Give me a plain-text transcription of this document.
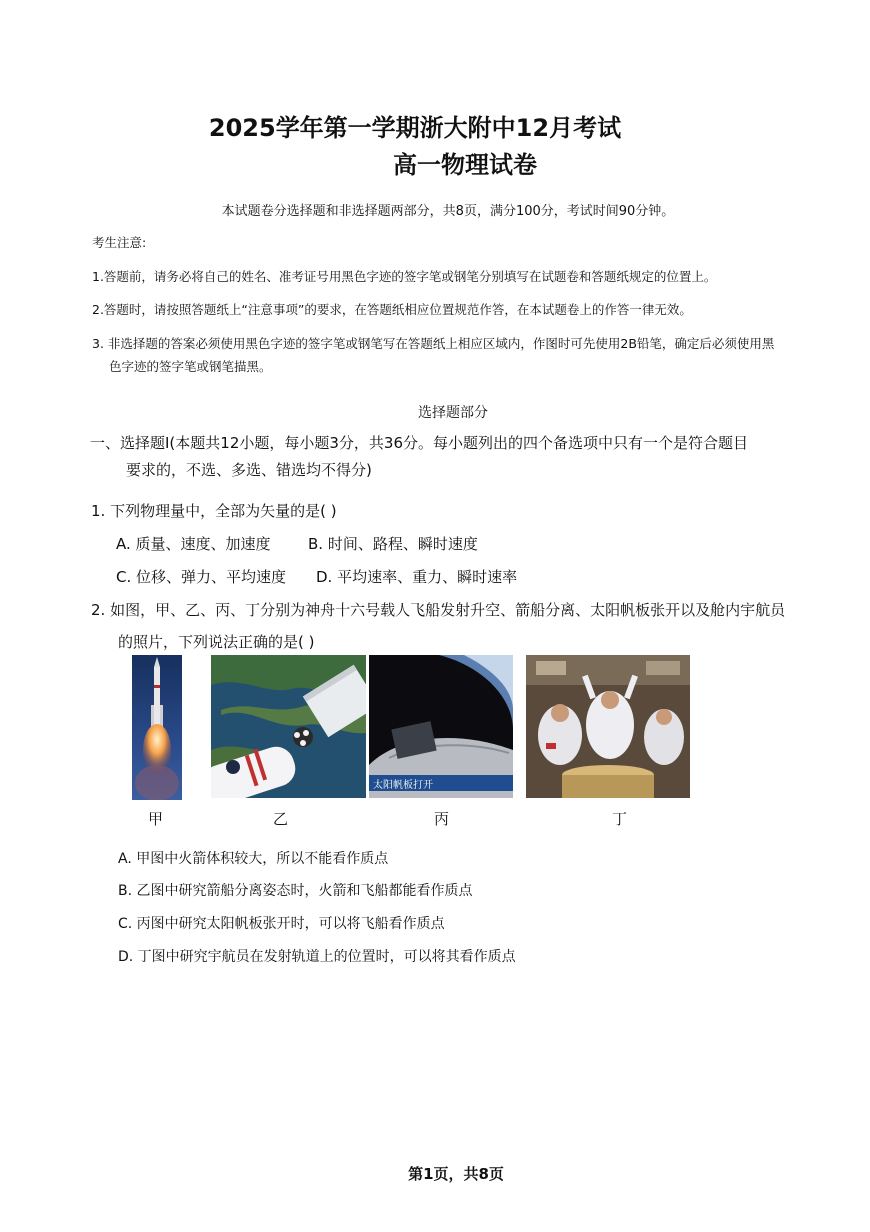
2025学年第一学期浙大附中12月考试
高一物理试卷
本试题卷分选择题和非选择题两部分，共8页，满分100分，考试时间90分钟。
考生注意:
1.答题前，请务必将自己的姓名、准考证号用黑色字迹的签字笔或钢笔分别填写在试题卷和答题纸规定的位置上。
2.答题时，请按照答题纸上“注意事项”的要求，在答题纸相应位置规范作答，在本试题卷上的作答一律无效。
3. 非选择题的答案必须使用黑色字迹的签字笔或钢笔写在答题纸上相应区域内，作图时可先使用2B铅笔，确定后必须使用黑
色字迹的签字笔或钢笔描黑。
选择题部分
一、选择题Ⅰ(本题共12小题，每小题3分，共36分。每小题列出的四个备选项中只有一个是符合题目
要求的，不选、多选、错选均不得分)
1. 下列物理量中，全部为矢量的是( )
A. 质量、速度、加速度 B. 时间、路程、瞬时速度
C. 位移、弹力、平均速度 D. 平均速率、重力、瞬时速率
2. 如图，甲、乙、丙、丁分别为神舟十六号载人飞船发射升空、箭船分离、太阳帆板张开以及舱内宇航员
的照片，下列说法正确的是( )
太阳帆板打开
甲	乙	丙	丁
A. 甲图中火箭体积较大，所以不能看作质点
B. 乙图中研究箭船分离姿态时，火箭和飞船都能看作质点
C. 丙图中研究太阳帆板张开时，可以将飞船看作质点
D. 丁图中研究宇航员在发射轨道上的位置时，可以将其看作质点
第1页，共8页
